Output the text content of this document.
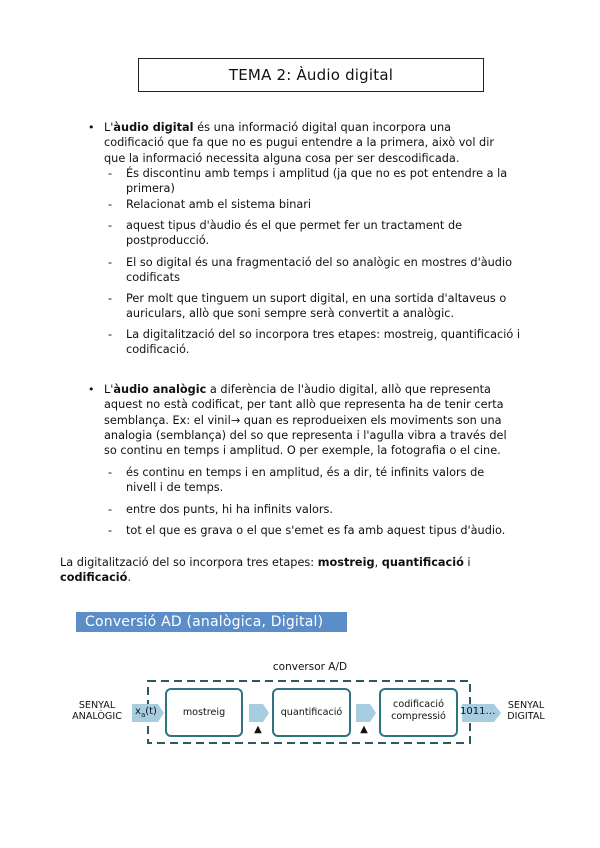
TEMA 2: Àudio digital
• L'àudio digital és una informació digital quan incorpora una codificació que fa que no es pugui entendre a la primera, això vol dir que la informació necessita alguna cosa per ser descodificada.
- És discontinu amb temps i amplitud (ja que no es pot entendre a la primera)
- Relacionat amb el sistema binari
- aquest tipus d'àudio és el que permet fer un tractament de postproducció.
- El so digital és una fragmentació del so analògic en mostres d'àudio codificats
- Per molt que tinguem un suport digital, en una sortida d'altaveus o auriculars, allò que soni sempre serà convertit a analògic.
- La digitalització del so incorpora tres etapes: mostreig, quantificació i codificació.
• L'àudio analògic a diferència de l'àudio digital, allò que representa aquest no està codificat, per tant allò que representa ha de tenir certa semblança. Ex: el vinil→ quan es reprodueixen els moviments son una analogia (semblança) del so que representa i l'agulla vibra a través del so continu en temps i amplitud. O per exemple, la fotografia o el cine.
- és continu en temps i en amplitud, és a dir, té infinits valors de nivell i de temps.
- entre dos punts, hi ha infinits valors.
- tot el que es grava o el que s'emet es fa amb aquest tipus d'àudio.
La digitalització del so incorpora tres etapes: mostreig, quantificació i codificació.
Conversió AD (analògica, Digital)
conversor A/D
SENYAL
ANALÒGIC	$x_a(t)$	mostreig	quantificació
codificació
compressió	1011…
SENYAL
DIGITAL
▲	▲
